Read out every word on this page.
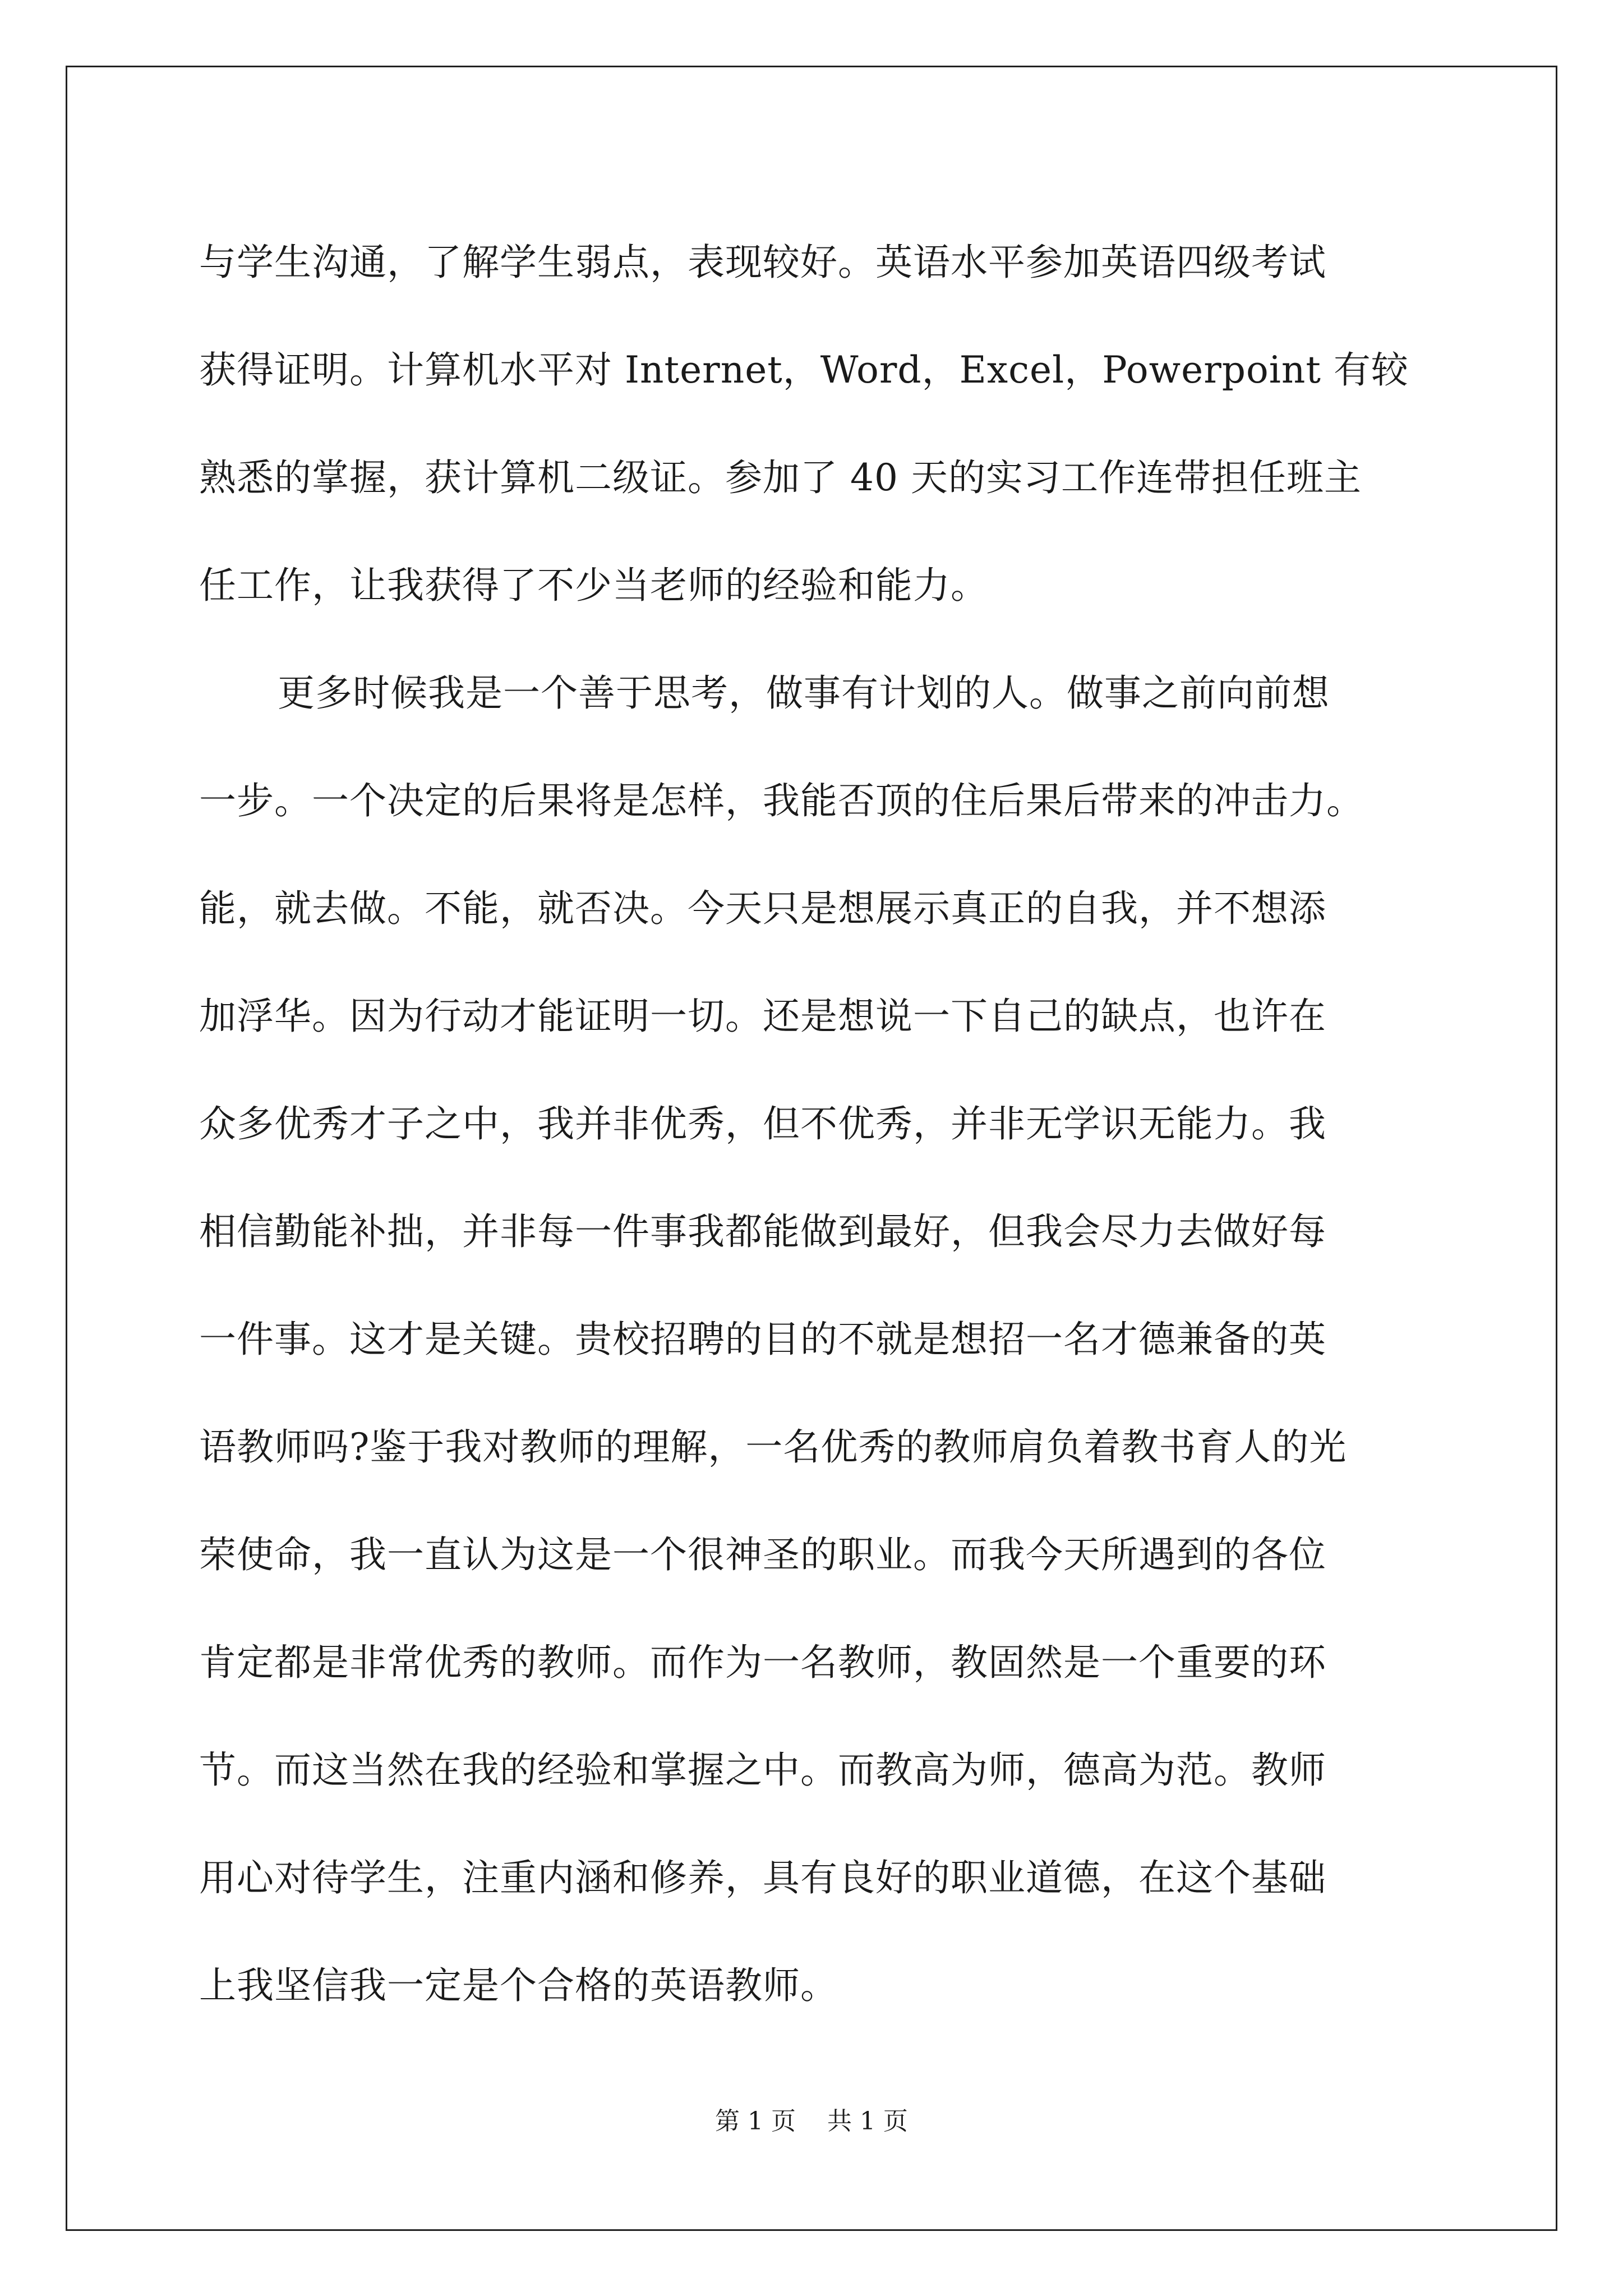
与学生沟通，了解学生弱点，表现较好。英语水平参加英语四级考试
获得证明。计算机水平对 Internet，Word，Excel，Powerpoint 有较
熟悉的掌握，获计算机二级证。参加了 40 天的实习工作连带担任班主
任工作，让我获得了不少当老师的经验和能力。
更多时候我是一个善于思考，做事有计划的人。做事之前向前想
一步。一个决定的后果将是怎样，我能否顶的住后果后带来的冲击力。
能，就去做。不能，就否决。今天只是想展示真正的自我，并不想添
加浮华。因为行动才能证明一切。还是想说一下自己的缺点，也许在
众多优秀才子之中，我并非优秀，但不优秀，并非无学识无能力。我
相信勤能补拙，并非每一件事我都能做到最好，但我会尽力去做好每
一件事。这才是关键。贵校招聘的目的不就是想招一名才德兼备的英
语教师吗?鉴于我对教师的理解，一名优秀的教师肩负着教书育人的光
荣使命，我一直认为这是一个很神圣的职业。而我今天所遇到的各位
肯定都是非常优秀的教师。而作为一名教师，教固然是一个重要的环
节。而这当然在我的经验和掌握之中。而教高为师，德高为范。教师
用心对待学生，注重内涵和修养，具有良好的职业道德，在这个基础
上我坚信我一定是个合格的英语教师。
第 1 页    共 1 页
